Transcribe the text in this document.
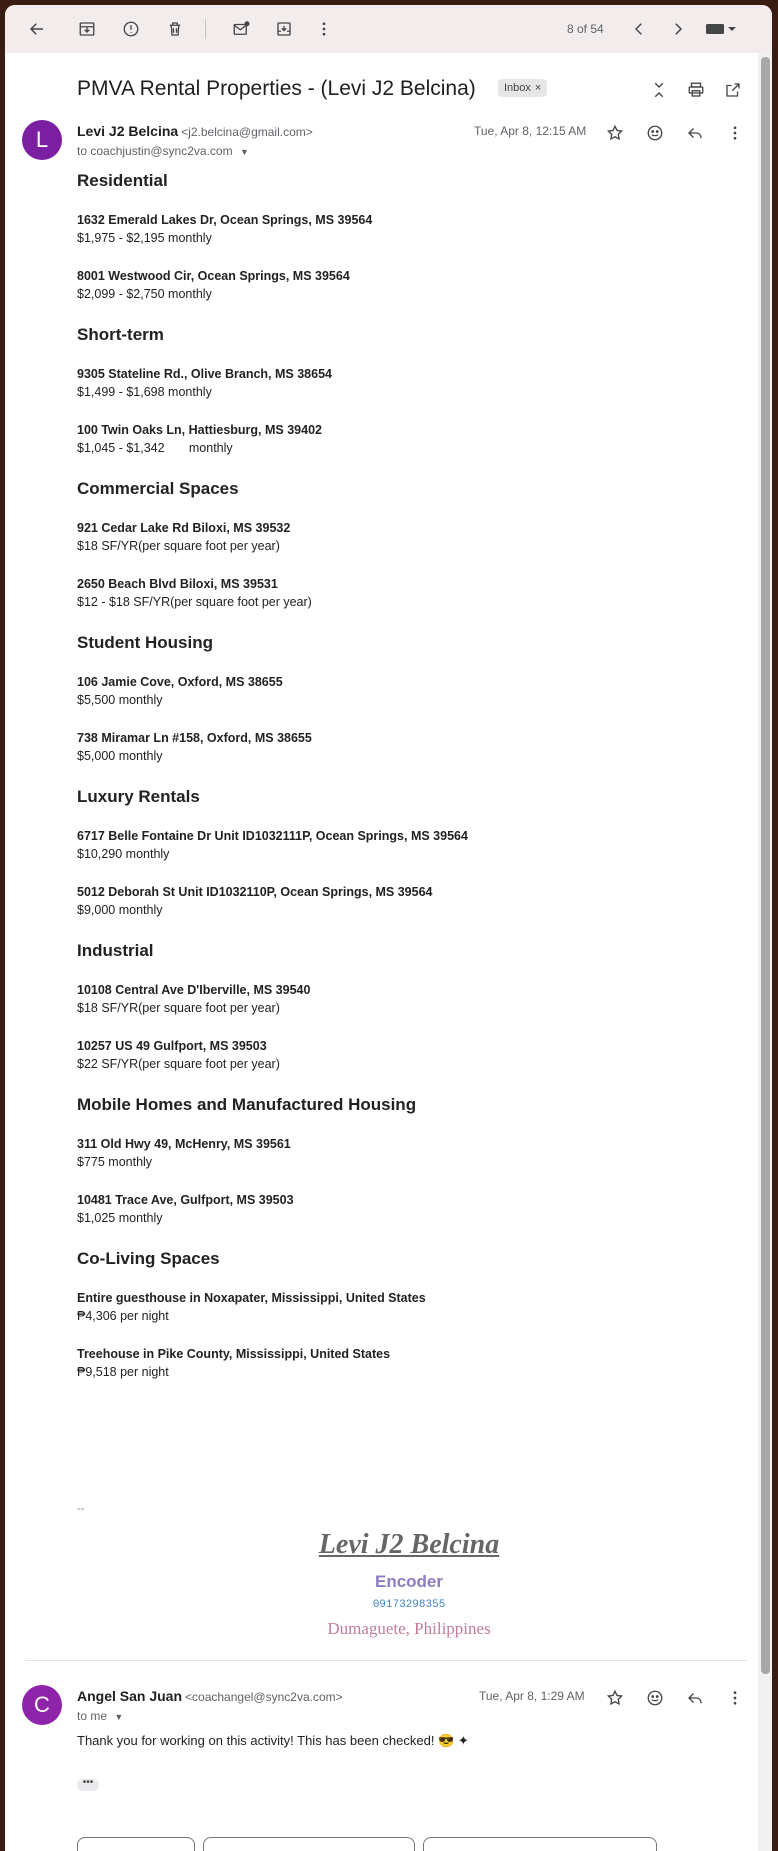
8 of 54
PMVA Rental Properties - (Levi J2 Belcina)	Inbox ×
L	Levi J2 Belcina <j2.belcina@gmail.com>
to coachjustin@sync2va.com ▼
Tue, Apr 8, 12:15 AM
Residential
1632 Emerald Lakes Dr, Ocean Springs, MS 39564
$1,975 - $2,195 monthly
8001 Westwood Cir, Ocean Springs, MS 39564
$2,099 - $2,750 monthly
Short-term
9305 Stateline Rd., Olive Branch, MS 38654
$1,499 - $1,698 monthly
100 Twin Oaks Ln, Hattiesburg, MS 39402
$1,045 - $1,342       monthly
Commercial Spaces
921 Cedar Lake Rd Biloxi, MS 39532
$18 SF/YR(per square foot per year)
2650 Beach Blvd Biloxi, MS 39531
$12 - $18 SF/YR(per square foot per year)
Student Housing
106 Jamie Cove, Oxford, MS 38655
$5,500 monthly
738 Miramar Ln #158, Oxford, MS 38655
$5,000 monthly
Luxury Rentals
6717 Belle Fontaine Dr Unit ID1032111P, Ocean Springs, MS 39564
$10,290 monthly
5012 Deborah St Unit ID1032110P, Ocean Springs, MS 39564
$9,000 monthly
Industrial
10108 Central Ave D'Iberville, MS 39540
$18 SF/YR(per square foot per year)
10257 US 49 Gulfport, MS 39503
$22 SF/YR(per square foot per year)
Mobile Homes and Manufactured Housing
311 Old Hwy 49, McHenry, MS 39561
$775 monthly
10481 Trace Ave, Gulfport, MS 39503
$1,025 monthly
Co-Living Spaces
Entire guesthouse in Noxapater, Mississippi, United States
₱4,306 per night
Treehouse in Pike County, Mississippi, United States
₱9,518 per night
--
Levi J2 Belcina
Encoder
09173298355
Dumaguete, Philippines
C	Angel San Juan <coachangel@sync2va.com>
to me ▼
Tue, Apr 8, 1:29 AM
Thank you for working on this activity! This has been checked! 😎 ✦
•••
